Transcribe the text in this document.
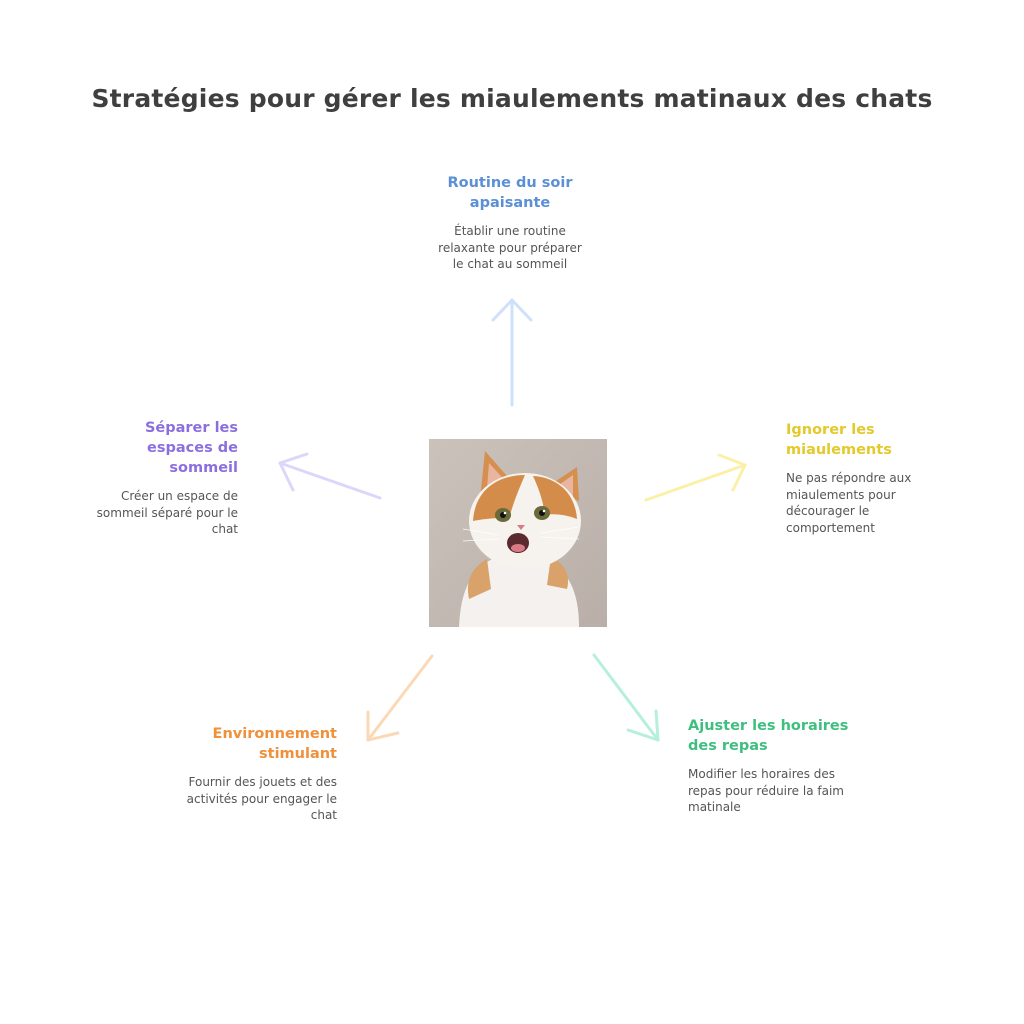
Stratégies pour gérer les miaulements matinaux des chats
Routine du soir apaisante

Établir une routine relaxante pour préparer le chat au sommeil

Ignorer les miaulements

Ne pas répondre aux miaulements pour décourager le comportement

Ajuster les horaires des repas

Modifier les horaires des repas pour réduire la faim matinale

Environnement stimulant

Fournir des jouets et des activités pour engager le chat

Séparer les espaces de sommeil

Créer un espace de sommeil séparé pour le chat
